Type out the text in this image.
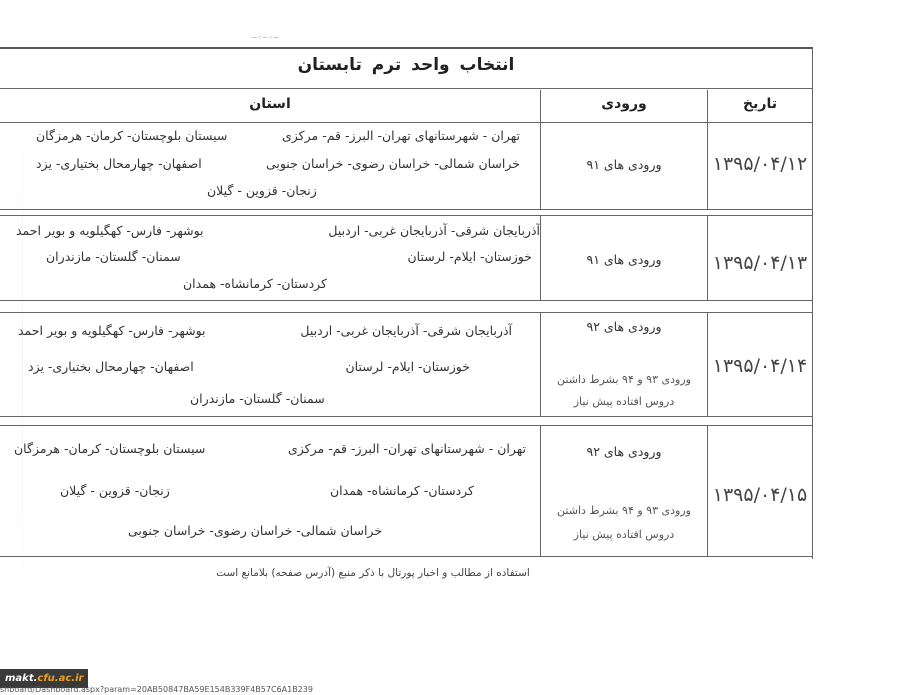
ـــ ٫ ـــ ٫ ـــ
انتخاب واحد ترم تابستان
تاریخ
ورودی
استان
۱۳۹۵/۰۴/۱۲
ورودی های ۹۱
تهران - شهرستانهای تهران- البرز- قم- مرکزی
خراسان شمالی- خراسان رضوی- خراسان جنوبی
سیستان بلوچستان- کرمان- هرمزگان
اصفهان- چهارمحال بختیاری- یزد
زنجان- قزوین - گیلان
۱۳۹۵/۰۴/۱۳
ورودی های ۹۱
آذربایجان شرقی- آذربایجان غربی- اردبیل
خوزستان- ایلام- لرستان
بوشهر- فارس- کهگیلویه و بویر احمد
سمنان- گلستان- مازندران
کردستان- کرمانشاه- همدان
۱۳۹۵/۰۴/۱۴
ورودی های ۹۲
ورودی ۹۳ و ۹۴ بشرط داشتن
دروس افتاده پیش نیاز
آذربایجان شرقی- آذربایجان غربی- اردبیل
خوزستان- ایلام- لرستان
بوشهر- فارس- کهگیلویه و بویر احمد
اصفهان- چهارمحال بختیاری- یزد
سمنان- گلستان- مازندران
۱۳۹۵/۰۴/۱۵
ورودی های ۹۲
ورودی ۹۳ و ۹۴ بشرط داشتن
دروس افتاده پیش نیاز
تهران - شهرستانهای تهران- البرز- قم- مرکزی
کردستان- کرمانشاه- همدان
سیستان بلوچستان- کرمان- هرمزگان
زنجان- قزوین - گیلان
خراسان شمالی- خراسان رضوی- خراسان جنوبی
استفاده از مطالب و اخبار پورتال با ذکر منبع (آدرس صفحه) بلامانع است
makt.cfu.ac.ir
shboard/Dashboard.aspx?param=20AB50847BA59E154B339F4B57C6A1B239
